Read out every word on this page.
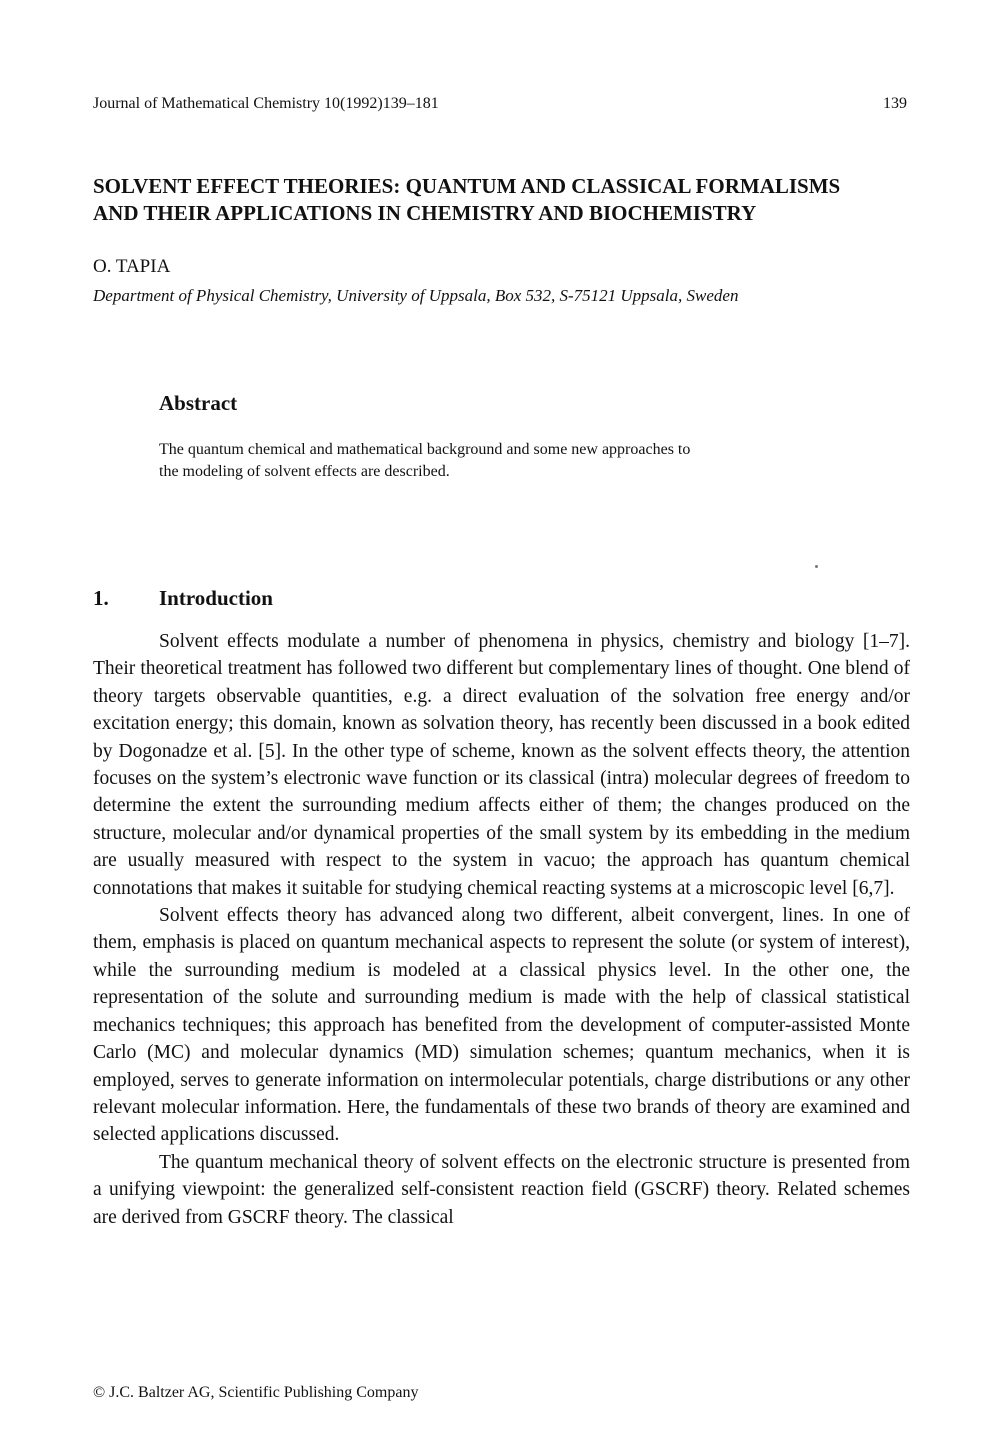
Journal of Mathematical Chemistry 10(1992)139–181	139
SOLVENT EFFECT THEORIES: QUANTUM AND CLASSICAL FORMALISMS
AND THEIR APPLICATIONS IN CHEMISTRY AND BIOCHEMISTRY
O. TAPIA
Department of Physical Chemistry, University of Uppsala, Box 532, S-75121 Uppsala, Sweden
Abstract

The quantum chemical and mathematical background and some new approaches to
the modeling of solvent effects are described.

1. Introduction

Solvent effects modulate a number of phenomena in physics, chemistry and biology [1–7]. Their theoretical treatment has followed two different but complementary lines of thought. One blend of theory targets observable quantities, e.g. a direct evaluation of the solvation free energy and/or excitation energy; this domain, known as solvation theory, has recently been discussed in a book edited by Dogonadze et al. [5]. In the other type of scheme, known as the solvent effects theory, the attention focuses on the system’s electronic wave function or its classical (intra) molecular degrees of freedom to determine the extent the surrounding medium affects either of them; the changes produced on the structure, molecular and/or dynamical properties of the small system by its embedding in the medium are usually measured with respect to the system in vacuo; the approach has quantum chemical connotations that makes it suitable for studying chemical reacting systems at a microscopic level [6,7].

Solvent effects theory has advanced along two different, albeit convergent, lines. In one of them, emphasis is placed on quantum mechanical aspects to represent the solute (or system of interest), while the surrounding medium is modeled at a classical physics level. In the other one, the representation of the solute and surrounding medium is made with the help of classical statistical mechanics techniques; this approach has benefited from the development of computer-assisted Monte Carlo (MC) and molecular dynamics (MD) simulation schemes; quantum mechanics, when it is employed, serves to generate information on intermolecular potentials, charge distributions or any other relevant molecular information. Here, the fundamentals of these two brands of theory are examined and selected applications discussed.

The quantum mechanical theory of solvent effects on the electronic structure is presented from a unifying viewpoint: the generalized self-consistent reaction field (GSCRF) theory. Related schemes are derived from GSCRF theory. The classical

© J.C. Baltzer AG, Scientific Publishing Company
